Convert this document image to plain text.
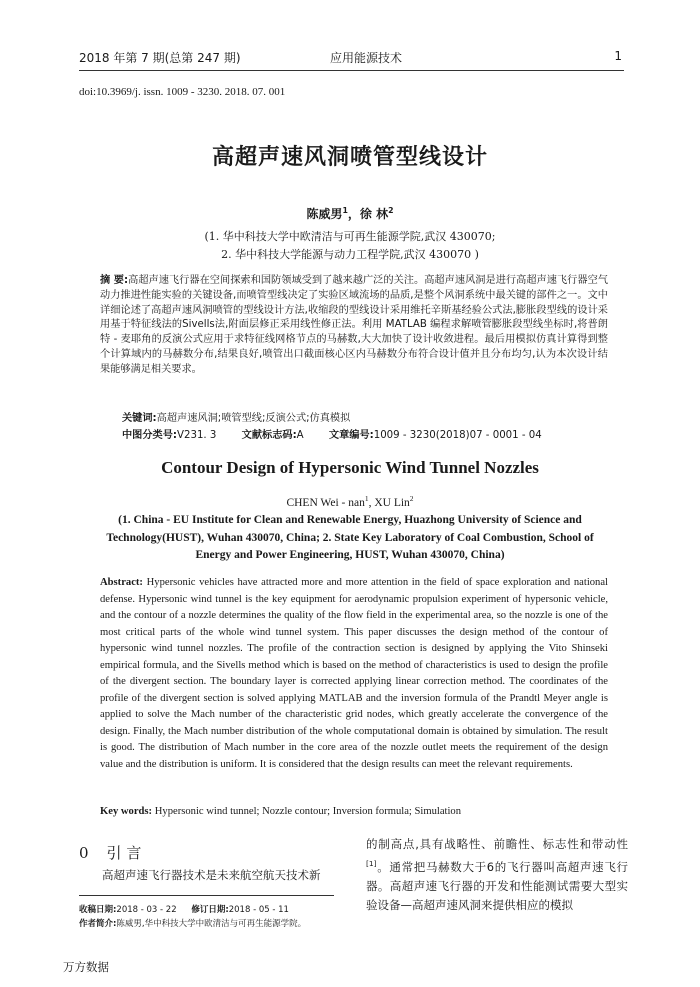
2018 年第 7 期(总第 247 期)	应用能源技术	1
doi:10.3969/j. issn. 1009 - 3230. 2018. 07. 001
高超声速风洞喷管型线设计
陈威男$^1$，徐 林$^2$
(1. 华中科技大学中欧清洁与可再生能源学院,武汉 430070;
2. 华中科技大学能源与动力工程学院,武汉 430070 )
摘 要:高超声速飞行器在空间探索和国防领域受到了越来越广泛的关注。高超声速风洞是进行高超声速飞行器空气动力推进性能实验的关键设备,而喷管型线决定了实验区域流场的品质,是整个风洞系统中最关键的部件之一。文中详细论述了高超声速风洞喷管的型线设计方法,收缩段的型线设计采用维托辛斯基经验公式法,膨胀段型线的设计采用基于特征线法的Sivells法,附面层修正采用线性修正法。利用 MATLAB 编程求解喷管膨胀段型线坐标时,将普朗特 - 麦耶角的反演公式应用于求特征线网格节点的马赫数,大大加快了设计收敛进程。最后用模拟仿真计算得到整个计算域内的马赫数分布,结果良好,喷管出口截面核心区内马赫数分布符合设计值并且分布均匀,认为本次设计结果能够满足相关要求。
关键词:高超声速风洞;喷管型线;反演公式;仿真模拟
中图分类号:V231. 3 文献标志码:A 文章编号:1009 - 3230(2018)07 - 0001 - 04
Contour Design of Hypersonic Wind Tunnel Nozzles
CHEN Wei - nan$^1$, XU Lin$^2$
(1. China - EU Institute for Clean and Renewable Energy, Huazhong University of Science and Technology(HUST), Wuhan 430070, China; 2. State Key Laboratory of Coal Combustion, School of Energy and Power Engineering, HUST, Wuhan 430070, China)
Abstract: Hypersonic vehicles have attracted more and more attention in the field of space exploration and national defense. Hypersonic wind tunnel is the key equipment for aerodynamic propulsion experiment of hypersonic vehicle, and the contour of a nozzle determines the quality of the flow field in the experimental area, so the nozzle is one of the most critical parts of the whole wind tunnel system. This paper discusses the design method of the contour of hypersonic wind tunnel nozzles. The profile of the contraction section is designed by applying the Vito Shinseki empirical formula, and the Sivells method which is based on the method of characteristics is used to design the profile of the divergent section. The boundary layer is corrected applying linear correction method. The coordinates of the profile of the divergent section is solved applying MATLAB and the inversion formula of the Prandtl Meyer angle is applied to solve the Mach number of the characteristic grid nodes, which greatly accelerate the convergence of the design. Finally, the Mach number distribution of the whole computational domain is obtained by simulation. The result is good. The distribution of Mach number in the core area of the nozzle outlet meets the requirement of the design value and the distribution is uniform. It is considered that the design results can meet the relevant requirements.
Key words: Hypersonic wind tunnel; Nozzle contour; Inversion formula; Simulation
0 引 言
高超声速飞行器技术是未来航空航天技术新
收稿日期:2018 - 03 - 22 修订日期:2018 - 05 - 11
作者简介:陈威男,华中科技大学中欧清洁与可再生能源学院。
的制高点,具有战略性、前瞻性、标志性和带动性[1]。通常把马赫数大于6的飞行器叫高超声速飞行器。高超声速飞行器的开发和性能测试需要大型实验设备—高超声速风洞来提供相应的模拟
万方数据
